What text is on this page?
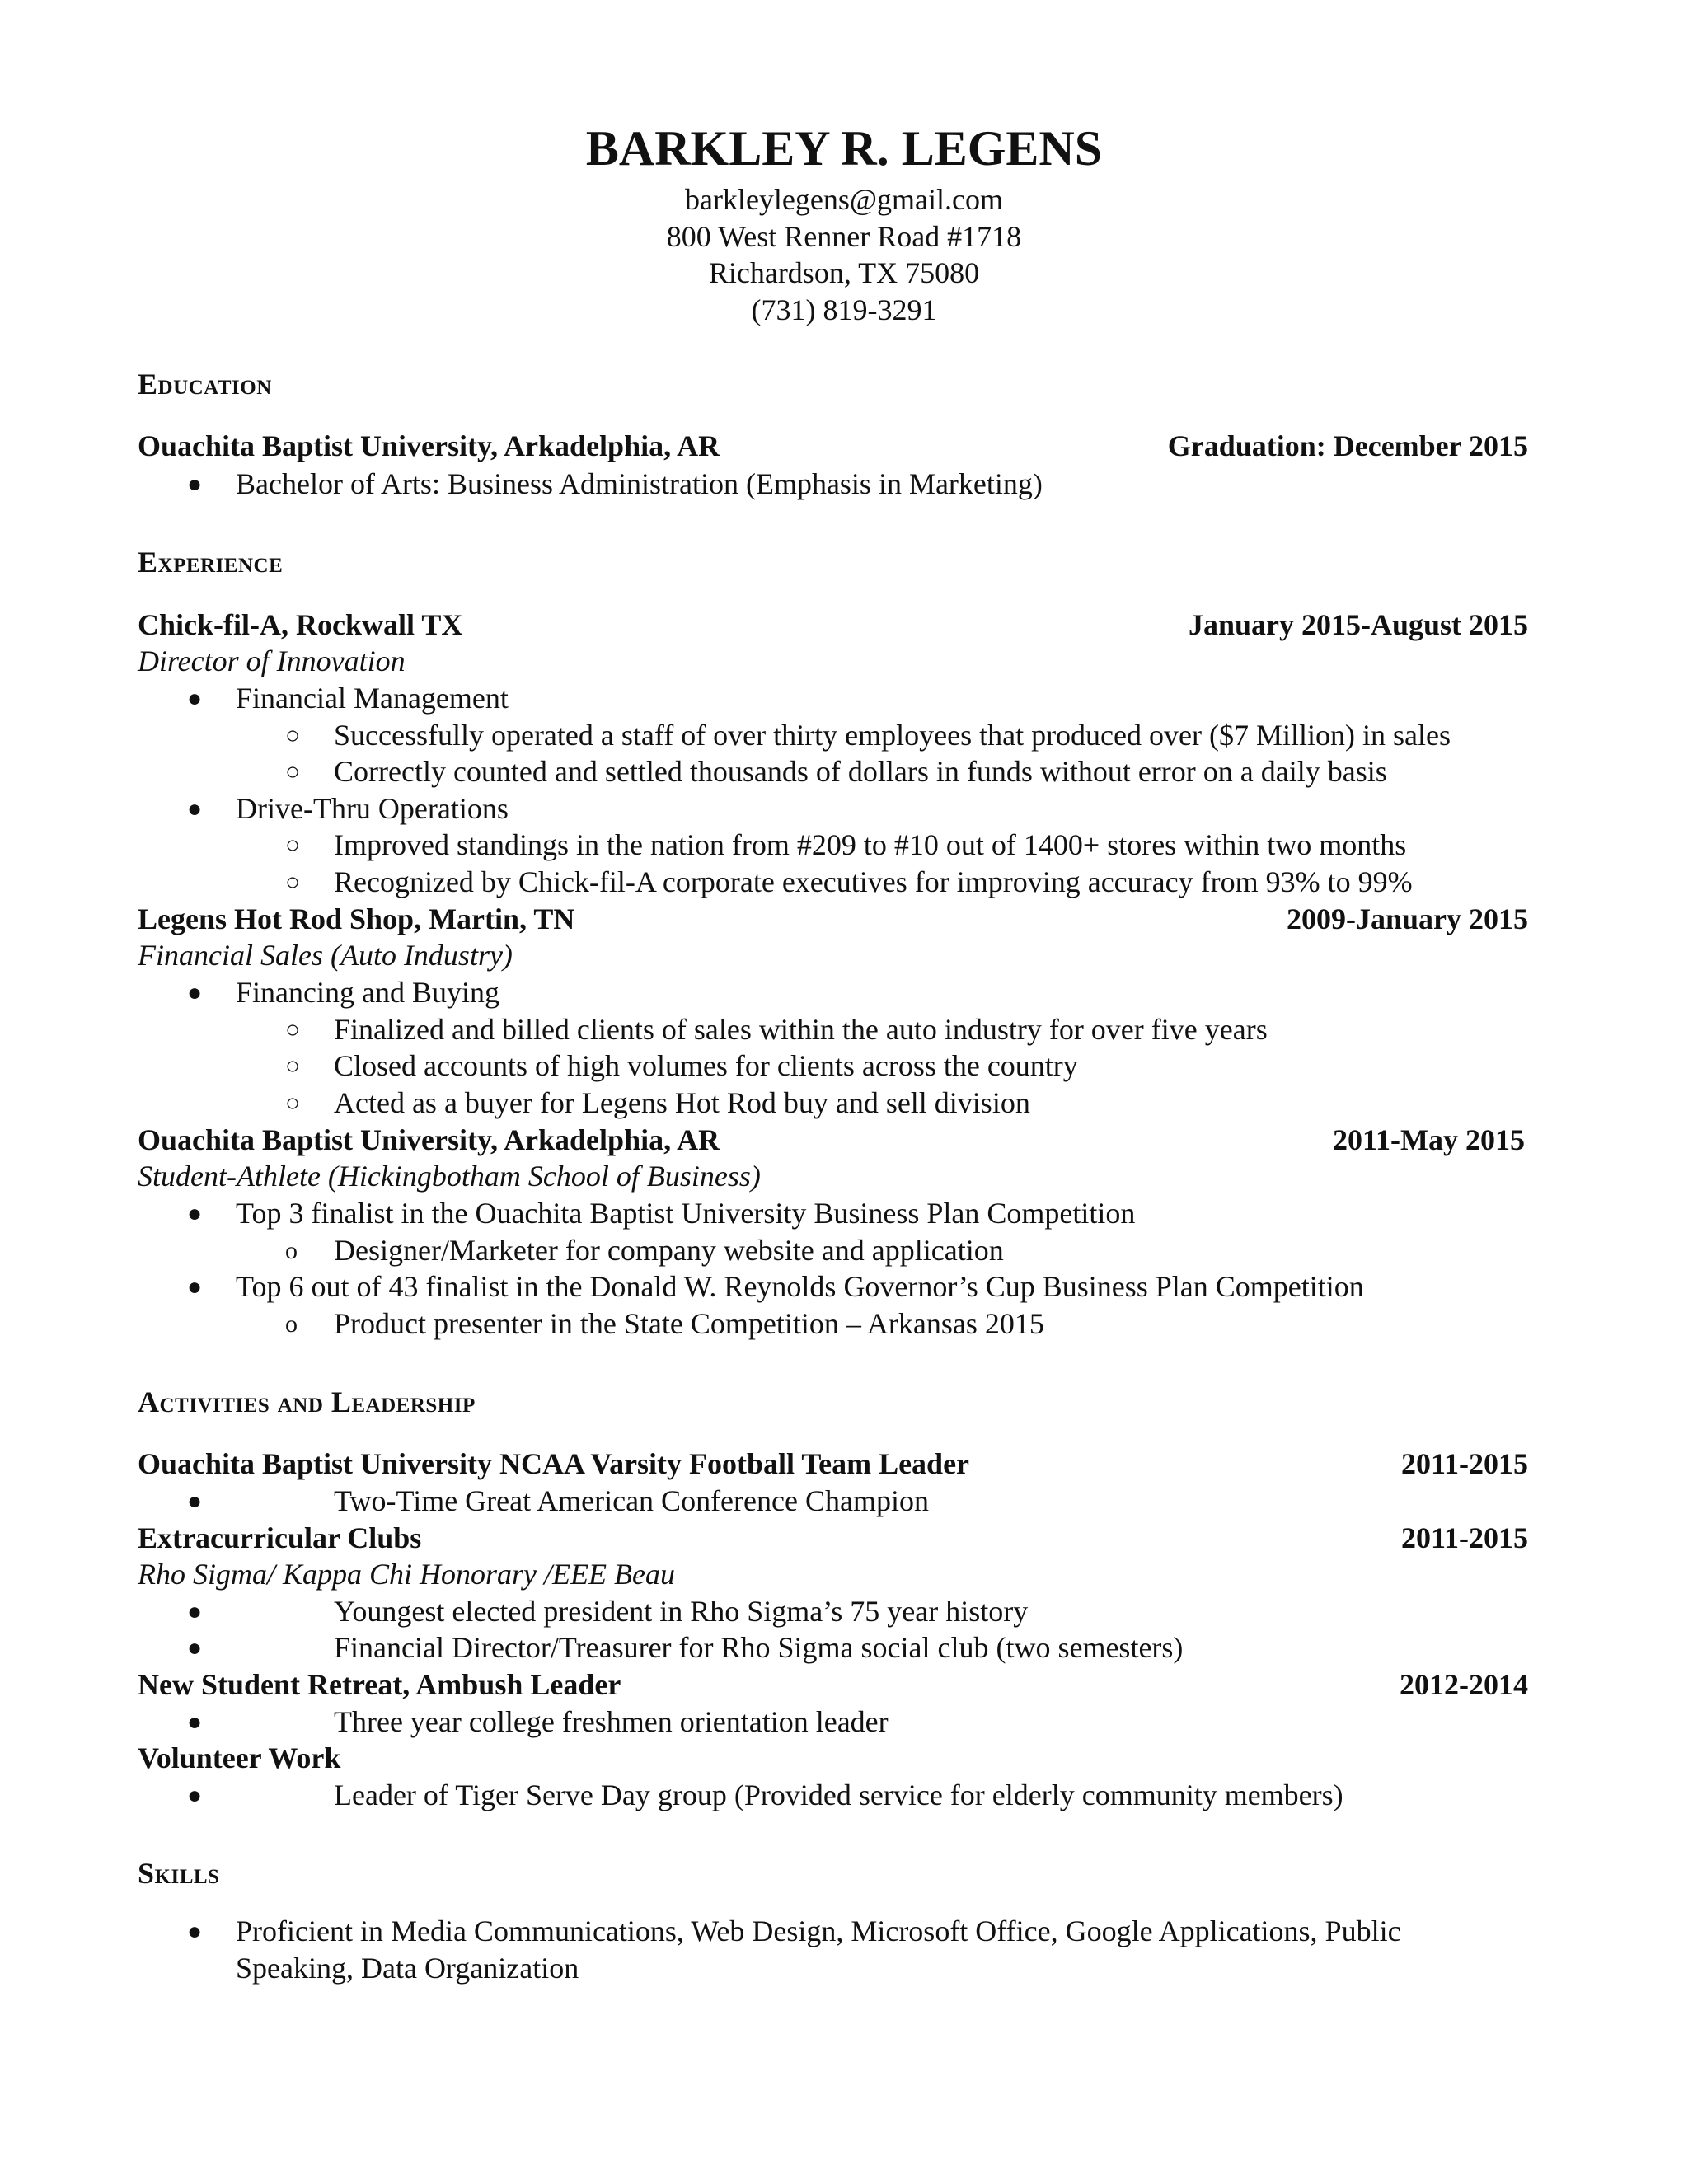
BARKLEY R. LEGENS
barkleylegens@gmail.com
800 West Renner Road #1718
Richardson, TX 75080
(731) 819-3291
Education
Ouachita Baptist University, Arkadelphia, AR	Graduation: December 2015
● Bachelor of Arts: Business Administration (Emphasis in Marketing)
Experience
Chick-fil-A, Rockwall TX	January 2015-August 2015
Director of Innovation
● Financial Management
○ Successfully operated a staff of over thirty employees that produced over ($7 Million) in sales
○ Correctly counted and settled thousands of dollars in funds without error on a daily basis
● Drive-Thru Operations
○ Improved standings in the nation from #209 to #10 out of 1400+ stores within two months
○ Recognized by Chick-fil-A corporate executives for improving accuracy from 93% to 99%
Legens Hot Rod Shop, Martin, TN	2009-January 2015
Financial Sales (Auto Industry)
● Financing and Buying
○ Finalized and billed clients of sales within the auto industry for over five years
○ Closed accounts of high volumes for clients across the country
○ Acted as a buyer for Legens Hot Rod buy and sell division
Ouachita Baptist University, Arkadelphia, AR	2011-May 2015
Student-Athlete (Hickingbotham School of Business)
● Top 3 finalist in the Ouachita Baptist University Business Plan Competition
o Designer/Marketer for company website and application
● Top 6 out of 43 finalist in the Donald W. Reynolds Governor’s Cup Business Plan Competition
o Product presenter in the State Competition – Arkansas 2015
Activities and Leadership
Ouachita Baptist University NCAA Varsity Football Team Leader	2011-2015
●	Two-Time Great American Conference Champion
Extracurricular Clubs	2011-2015
Rho Sigma/ Kappa Chi Honorary /EEE Beau
●	Youngest elected president in Rho Sigma’s 75 year history
●	Financial Director/Treasurer for Rho Sigma social club (two semesters)
New Student Retreat, Ambush Leader	2012-2014
●	Three year college freshmen orientation leader
Volunteer Work
●	Leader of Tiger Serve Day group (Provided service for elderly community members)
Skills
● Proficient in Media Communications, Web Design, Microsoft Office, Google Applications, Public
Speaking, Data Organization
